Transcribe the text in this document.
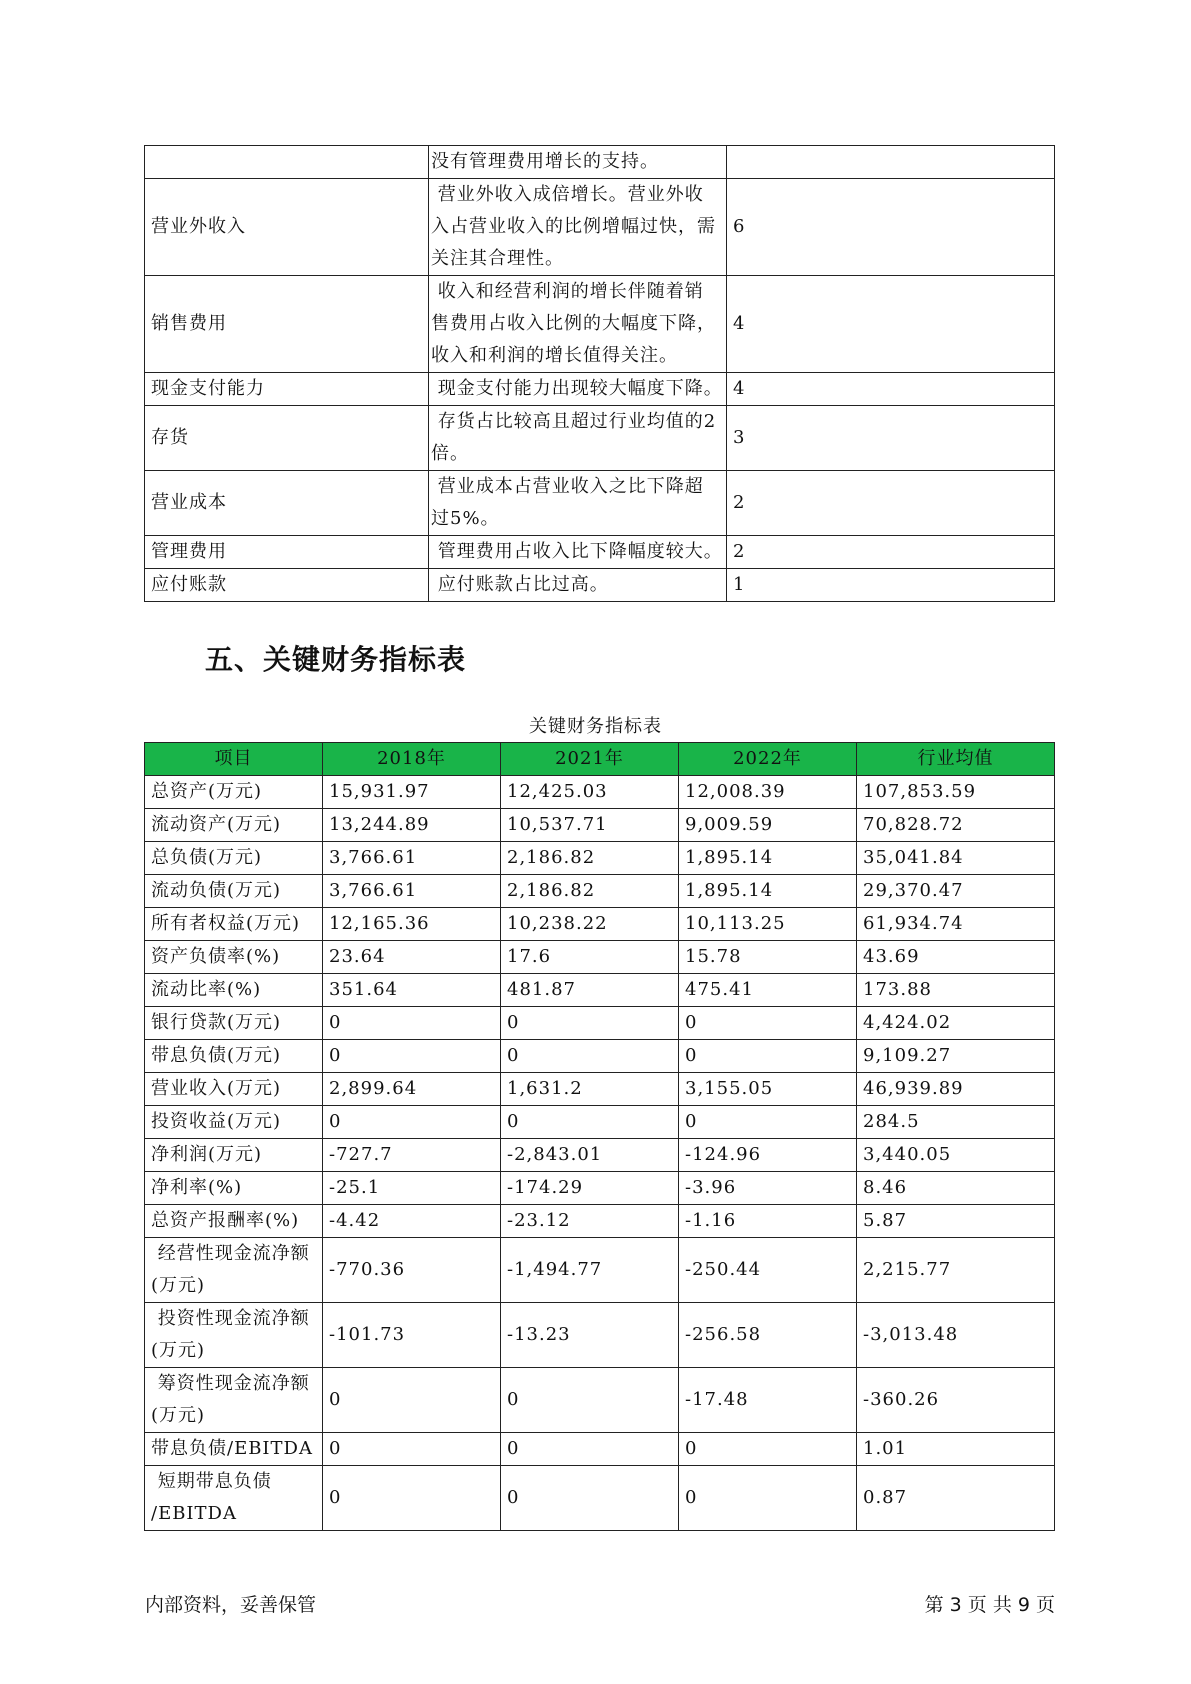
	没有管理费用增长的支持。	

营业外收入	营业外收入成倍增长。营业外收
入占营业收入的比例增幅过快，需
关注其合理性。	6
销售费用	收入和经营利润的增长伴随着销
售费用占收入比例的大幅度下降，
收入和利润的增长值得关注。	4
现金支付能力	现金支付能力出现较大幅度下降。	4
存货	存货占比较高且超过行业均值的2
倍。	3
营业成本	营业成本占营业收入之比下降超
过5%。	2
管理费用	管理费用占收入比下降幅度较大。	2
应付账款	应付账款占比过高。	1
五、关键财务指标表
关键财务指标表
项目	2018年	2021年	2022年	行业均值

总资产(万元)	15,931.97	12,425.03	12,008.39	107,853.59

流动资产(万元)	13,244.89	10,537.71	9,009.59	70,828.72

总负债(万元)	3,766.61	2,186.82	1,895.14	35,041.84

流动负债(万元)	3,766.61	2,186.82	1,895.14	29,370.47

所有者权益(万元)	12,165.36	10,238.22	10,113.25	61,934.74

资产负债率(%)	23.64	17.6	15.78	43.69

流动比率(%)	351.64	481.87	475.41	173.88

银行贷款(万元)	0	0	0	4,424.02

带息负债(万元)	0	0	0	9,109.27

营业收入(万元)	2,899.64	1,631.2	3,155.05	46,939.89

投资收益(万元)	0	0	0	284.5

净利润(万元)	-727.7	-2,843.01	-124.96	3,440.05

净利率(%)	-25.1	-174.29	-3.96	8.46

总资产报酬率(%)	-4.42	-23.12	-1.16	5.87

经营性现金流净额
(万元)	-770.36	-1,494.77	-250.44	2,215.77

投资性现金流净额
(万元)	-101.73	-13.23	-256.58	-3,013.48

筹资性现金流净额
(万元)	0	0	-17.48	-360.26

带息负债/EBITDA	0	0	0	1.01

短期带息负债
/EBITDA	0	0	0	0.87
内部资料，妥善保管	第 3 页 共 9 页
